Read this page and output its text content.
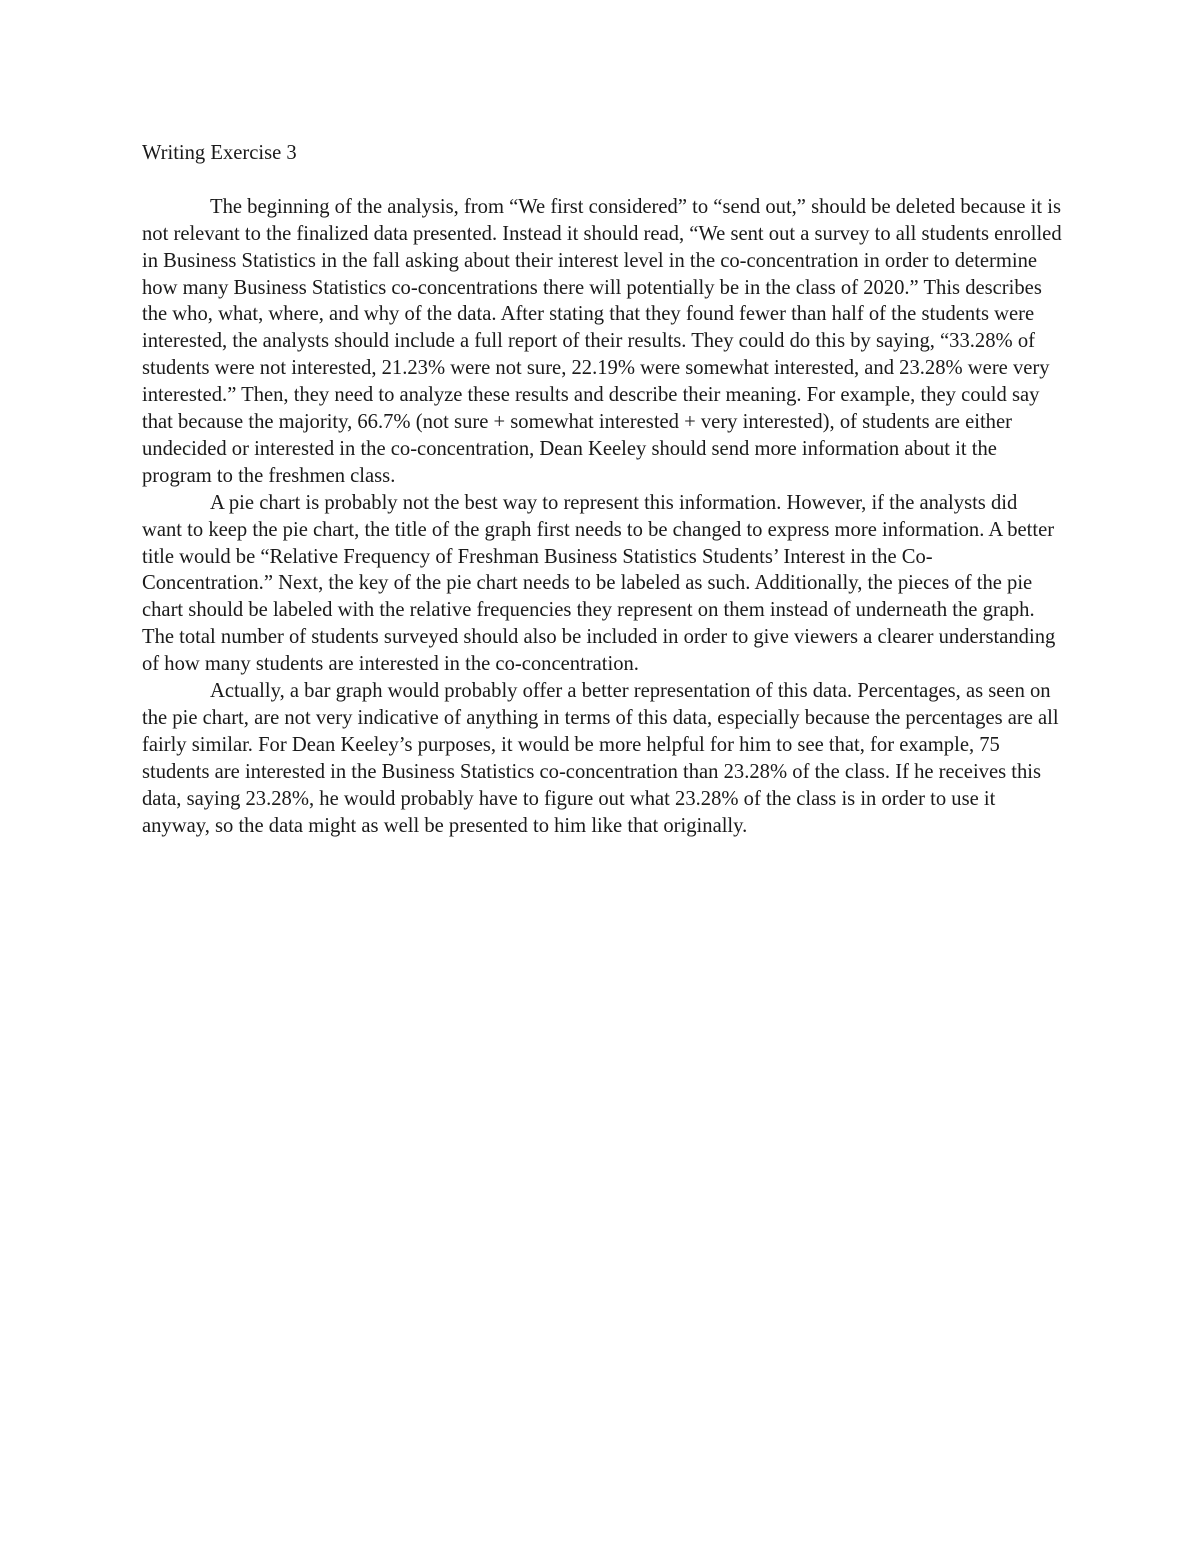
Writing Exercise 3

The beginning of the analysis, from “We first considered” to “send out,” should be deleted because it is not relevant to the finalized data presented. Instead it should read, “We sent out a survey to all students enrolled in Business Statistics in the fall asking about their interest level in the co-concentration in order to determine how many Business Statistics co-concentrations there will potentially be in the class of 2020.” This describes the who, what, where, and why of the data. After stating that they found fewer than half of the students were interested, the analysts should include a full report of their results. They could do this by saying, “33.28% of students were not interested, 21.23% were not sure, 22.19% were somewhat interested, and 23.28% were very interested.” Then, they need to analyze these results and describe their meaning. For example, they could say that because the majority, 66.7% (not sure + somewhat interested + very interested), of students are either undecided or interested in the co-concentration, Dean Keeley should send more information about it the program to the freshmen class.

A pie chart is probably not the best way to represent this information. However, if the analysts did want to keep the pie chart, the title of the graph first needs to be changed to express more information. A better title would be “Relative Frequency of Freshman Business Statistics Students’ Interest in the Co-Concentration.” Next, the key of the pie chart needs to be labeled as such. Additionally, the pieces of the pie chart should be labeled with the relative frequencies they represent on them instead of underneath the graph. The total number of students surveyed should also be included in order to give viewers a clearer understanding of how many students are interested in the co-concentration.

Actually, a bar graph would probably offer a better representation of this data. Percentages, as seen on the pie chart, are not very indicative of anything in terms of this data, especially because the percentages are all fairly similar. For Dean Keeley’s purposes, it would be more helpful for him to see that, for example, 75 students are interested in the Business Statistics co-concentration than 23.28% of the class. If he receives this data, saying 23.28%, he would probably have to figure out what 23.28% of the class is in order to use it anyway, so the data might as well be presented to him like that originally.
